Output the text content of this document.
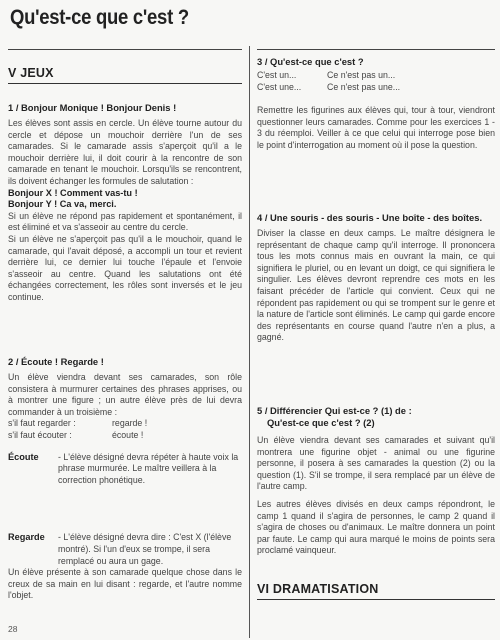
Qu'est-ce que c'est ?
V JEUX
1 / Bonjour Monique ! Bonjour Denis !

Les élèves sont assis en cercle. Un élève tourne autour du cercle et dépose un mouchoir derrière l'un de ses camarades. Si le camarade assis s'aperçoit qu'il a le mouchoir derrière lui, il doit courir à la rencontre de son camarade en tenant le mouchoir. Lorsqu'ils se rencontrent, ils doivent échanger les formules de salutation :

Bonjour X ! Comment vas-tu !
Bonjour Y ! Ca va, merci.

Si un élève ne répond pas rapidement et spontanément, il est éliminé et va s'asseoir au centre du cercle.

Si un élève ne s'aperçoit pas qu'il a le mouchoir, quand le camarade, qui l'avait déposé, a accompli un tour et revient derrière lui, ce dernier lui touche l'épaule et l'envoie s'asseoir au centre. Quand les salutations ont été échangées correctement, les rôles sont inversés et le jeu continue.

2 / Écoute ! Regarde !

Un élève viendra devant ses camarades, son rôle consistera à murmurer certaines des phrases apprises, ou à montrer une figure ; un autre élève près de lui devra commander à un troisième :

s'il faut regarder :	regarde !
s'il faut écouter :	écoute !
Écoute	- L'élève désigné devra répéter à haute voix la phrase murmurée. Le maître veillera à la correction phonétique.
Regarde	- L'élève désigné devra dire : C'est X (l'élève montré). Si l'un d'eux se trompe, il sera remplacé ou aura un gage.

Un élève présente à son camarade quelque chose dans le creux de sa main en lui disant : regarde, et l'autre nomme l'objet.

28
3 / Qu'est-ce que c'est ?
C'est un...	Ce n'est pas un...
C'est une...	Ce n'est pas une...

Remettre les figurines aux élèves qui, tour à tour, viendront questionner leurs camarades. Comme pour les exercices 1 - 3 du réemploi. Veiller à ce que celui qui interroge pose bien le point d'interrogation au moment où il pose la question.

4 / Une souris - des souris - Une boîte - des boîtes.

Diviser la classe en deux camps. Le maître désignera le représentant de chaque camp qu'il interroge. Il prononcera tous les mots connus mais en ouvrant la main, ce qui signifiera le pluriel, ou en levant un doigt, ce qui signifiera le singulier. Les élèves devront reprendre ces mots en les faisant précéder de l'article qui convient. Ceux qui ne répondent pas rapidement ou qui se trompent sur le genre et la nature de l'article sont éliminés. Le camp qui garde encore des représentants en course quand l'autre n'en a plus, a gagné.

5 / Différencier Qui est-ce ? (1) de :
Qu'est-ce que c'est ? (2)

Un élève viendra devant ses camarades et suivant qu'il montrera une figurine objet - animal ou une figurine personne, il posera à ses camarades la question (2) ou la question (1). S'il se trompe, il sera remplacé par un élève de l'autre camp.

Les autres élèves divisés en deux camps répondront, le camp 1 quand il s'agira de personnes, le camp 2 quand il s'agira de choses ou d'animaux. Le maître donnera un point par faute. Le camp qui aura marqué le moins de points sera proclamé vainqueur.

VI DRAMATISATION
